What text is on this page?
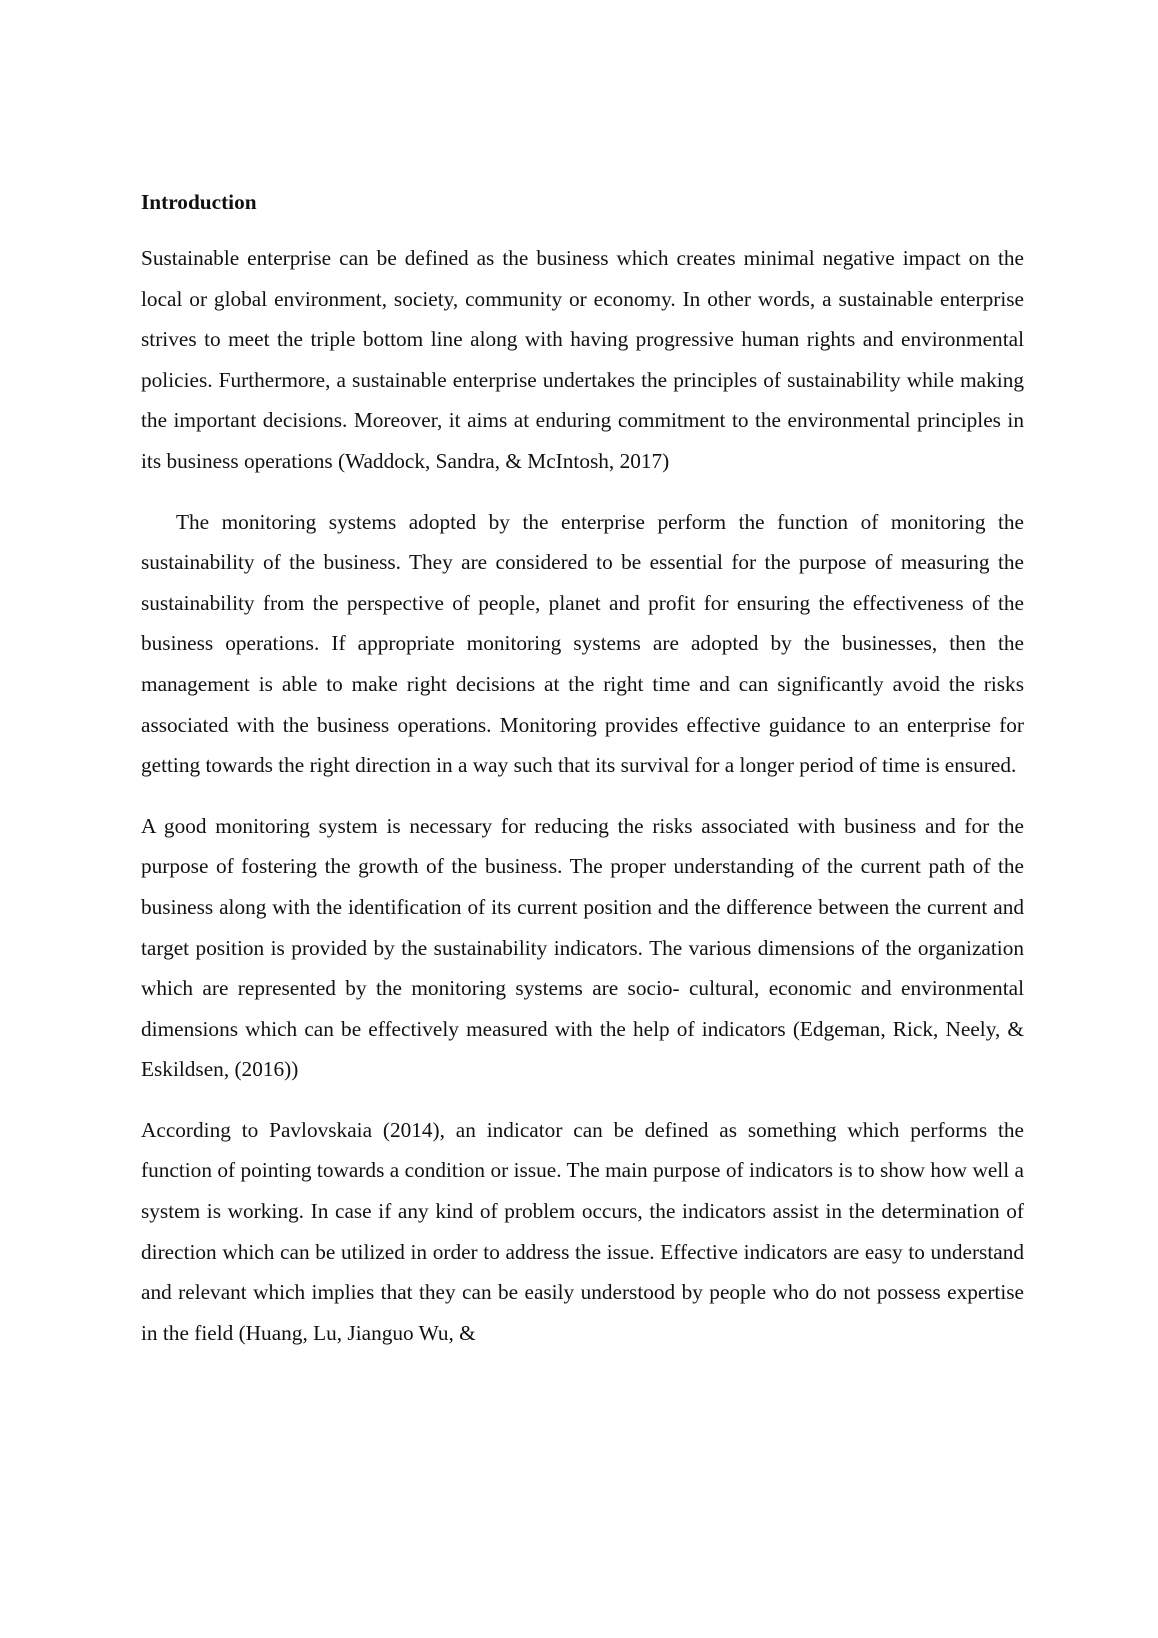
Introduction

Sustainable enterprise can be defined as the business which creates minimal negative impact on the local or global environment, society, community or economy. In other words, a sustainable enterprise strives to meet the triple bottom line along with having progressive human rights and environmental policies. Furthermore, a sustainable enterprise undertakes the principles of sustainability while making the important decisions. Moreover, it aims at enduring commitment to the environmental principles in its business operations (Waddock, Sandra, & McIntosh, 2017)

The monitoring systems adopted by the enterprise perform the function of monitoring the sustainability of the business. They are considered to be essential for the purpose of measuring the sustainability from the perspective of people, planet and profit for ensuring the effectiveness of the business operations. If appropriate monitoring systems are adopted by the businesses, then the management is able to make right decisions at the right time and can significantly avoid the risks associated with the business operations. Monitoring provides effective guidance to an enterprise for getting towards the right direction in a way such that its survival for a longer period of time is ensured.

A good monitoring system is necessary for reducing the risks associated with business and for the purpose of fostering the growth of the business. The proper understanding of the current path of the business along with the identification of its current position and the difference between the current and target position is provided by the sustainability indicators. The various dimensions of the organization which are represented by the monitoring systems are socio- cultural, economic and environmental dimensions which can be effectively measured with the help of indicators (Edgeman, Rick, Neely, & Eskildsen, (2016))

According to Pavlovskaia (2014), an indicator can be defined as something which performs the function of pointing towards a condition or issue. The main purpose of indicators is to show how well a system is working. In case if any kind of problem occurs, the indicators assist in the determination of direction which can be utilized in order to address the issue. Effective indicators are easy to understand and relevant which implies that they can be easily understood by people who do not possess expertise in the field (Huang, Lu, Jianguo Wu, &
